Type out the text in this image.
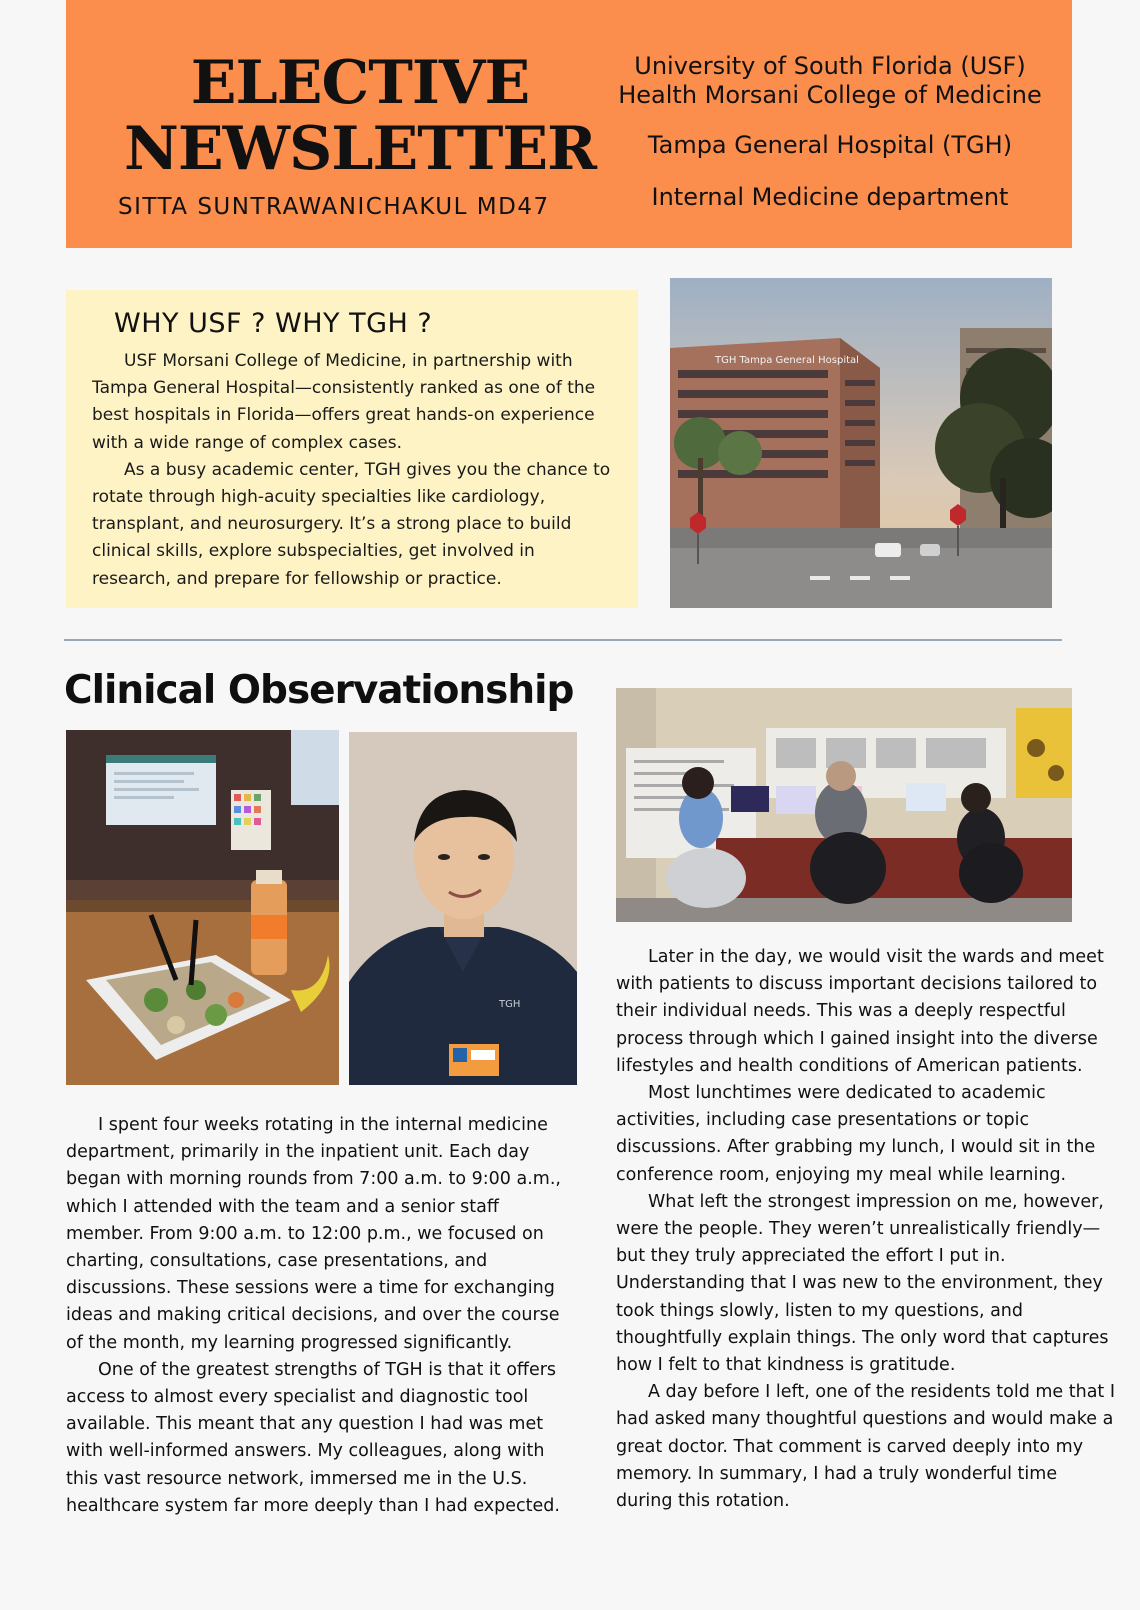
ELECTIVE
NEWSLETTER
SITTA SUNTRAWANICHAKUL MD47
University of South Florida (USF)
Health Morsani College of Medicine
Tampa General Hospital (TGH)
Internal Medicine department
WHY USF ? WHY TGH ?

USF Morsani College of Medicine, in partnership with Tampa General Hospital—consistently ranked as one of the best hospitals in Florida—offers great hands-on experience with a wide range of complex cases.

As a busy academic center, TGH gives you the chance to rotate through high-acuity specialties like cardiology, transplant, and neurosurgery. It’s a strong place to build clinical skills, explore subspecialties, get involved in research, and prepare for fellowship or practice.

TGH Tampa General Hospital
Clinical Observationship
TGH

I spent four weeks rotating in the internal medicine department, primarily in the inpatient unit. Each day began with morning rounds from 7:00 a.m. to 9:00 a.m., which I attended with the team and a senior staff member. From 9:00 a.m. to 12:00 p.m., we focused on charting, consultations, case presentations, and discussions. These sessions were a time for exchanging ideas and making critical decisions, and over the course of the month, my learning progressed significantly.

One of the greatest strengths of TGH is that it offers access to almost every specialist and diagnostic tool available. This meant that any question I had was met with well-informed answers. My colleagues, along with this vast resource network, immersed me in the U.S. healthcare system far more deeply than I had expected.

Later in the day, we would visit the wards and meet with patients to discuss important decisions tailored to their individual needs. This was a deeply respectful process through which I gained insight into the diverse lifestyles and health conditions of American patients.

Most lunchtimes were dedicated to academic activities, including case presentations or topic discussions. After grabbing my lunch, I would sit in the conference room, enjoying my meal while learning.

What left the strongest impression on me, however, were the people. They weren’t unrealistically friendly—but they truly appreciated the effort I put in. Understanding that I was new to the environment, they took things slowly, listen to my questions, and thoughtfully explain things. The only word that captures how I felt to that kindness is gratitude.

A day before I left, one of the residents told me that I had asked many thoughtful questions and would make a great doctor. That comment is carved deeply into my memory. In summary, I had a truly wonderful time during this rotation.
